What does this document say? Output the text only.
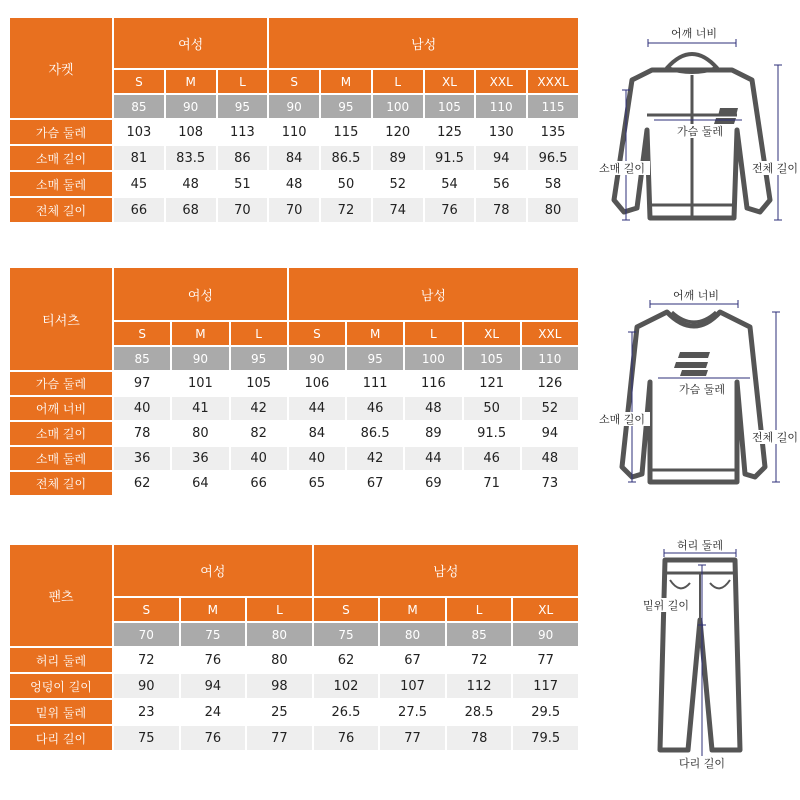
자켓	여성			남성					
	S	M	L	S	M	L	XL	XXL	XXXL
	85	90	95	90	95	100	105	110	115
가슴 둘레	103	108	113	110	115	120	125	130	135
소매 길이	81	83.5	86	84	86.5	89	91.5	94	96.5
소매 둘레	45	48	51	48	50	52	54	56	58
전체 길이	66	68	70	70	72	74	76	78	80
티셔츠	여성			남성				
	S	M	L	S	M	L	XL	XXL
	85	90	95	90	95	100	105	110
가슴 둘레	97	101	105	106	111	116	121	126
어깨 너비	40	41	42	44	46	48	50	52
소매 길이	78	80	82	84	86.5	89	91.5	94
소매 둘레	36	36	40	40	42	44	46	48
전체 길이	62	64	66	65	67	69	71	73
팬츠	여성			남성			
	S	M	L	S	M	L	XL
	70	75	80	75	80	85	90
허리 둘레	72	76	80	62	67	72	77
엉덩이 길이	90	94	98	102	107	112	117
밑위 둘레	23	24	25	26.5	27.5	28.5	29.5
다리 길이	75	76	77	76	77	78	79.5
어깨 너비
가슴 둘레
소매 길이	전체 길이
어깨 너비
가슴 둘레
소매 길이
전체 길이
허리 둘레
밑위 길이
다리 길이
